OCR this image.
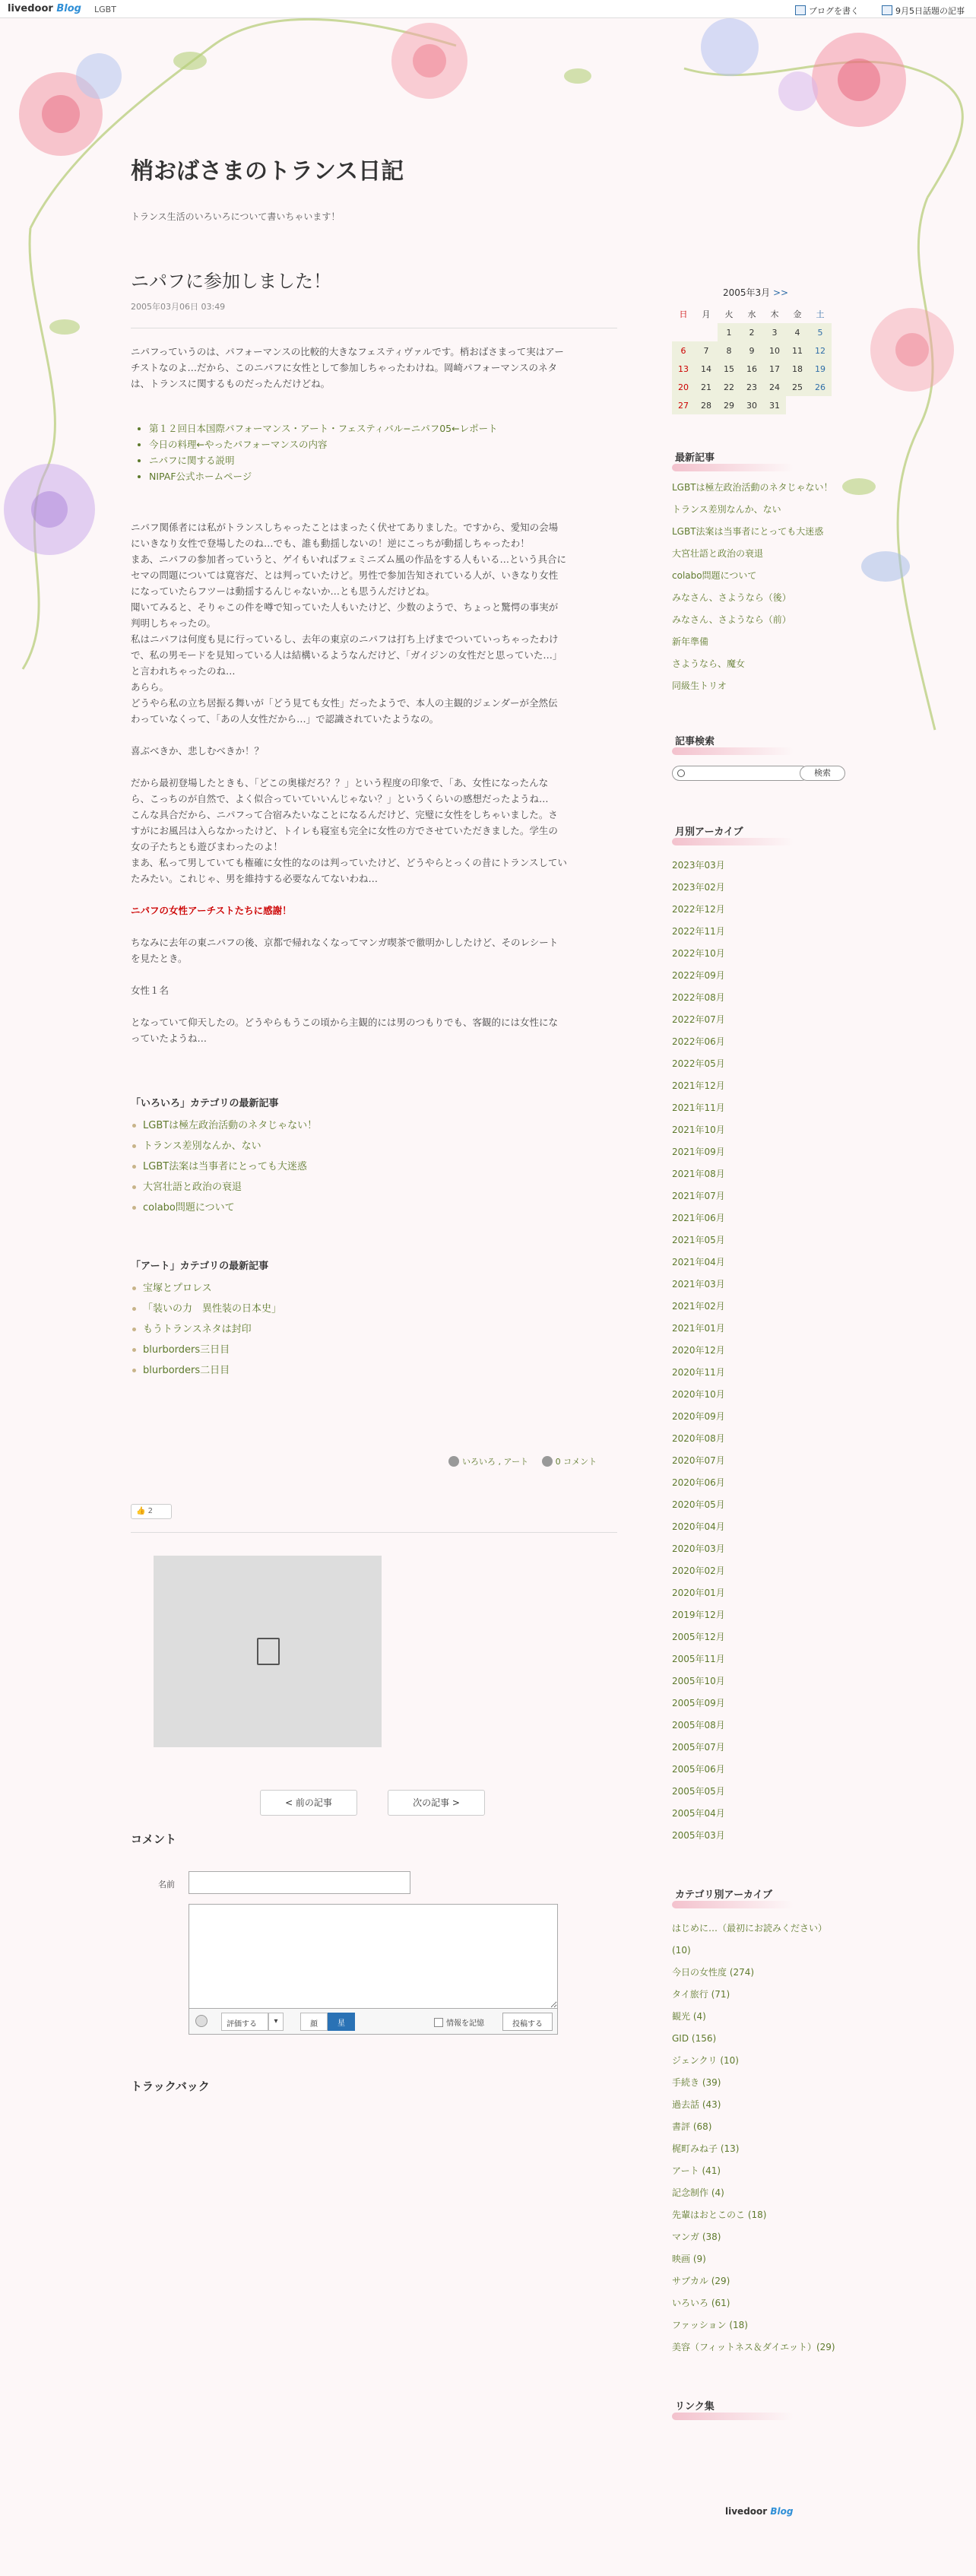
livedoor Blog LGBT	ブログを書く	9月5日話題の記事
梢おばさまのトランス日記

トランス生活のいろいろについて書いちゃいます！

ニパフに参加しました！
2005年03月06日 03:49

ニパフっていうのは、パフォーマンスの比較的大きなフェスティヴァルです。梢おばさまって実はアー

チストなのよ…だから、このニパフに女性として参加しちゃったわけね。岡崎パフォーマンスのネタ

は、トランスに関するものだったんだけどね。

• 第１２回日本国際パフォーマンス・アート・フェスティバル−ニパフ05←レポート
• 今日の料理←やったパフォーマンスの内容
• ニパフに関する説明
• NIPAF公式ホームページ

ニパフ関係者には私がトランスしちゃったことはまったく伏せてありました。ですから、愛知の会場

にいきなり女性で登場したのね…でも、誰も動揺しないの！逆にこっちが動揺しちゃったわ！

まあ、ニパフの参加者っていうと、ゲイもいればフェミニズム風の作品をする人もいる…という具合に

セマの問題については寛容だ、とは判っていたけど。男性で参加告知されている人が、いきなり女性

になっていたらフツーは動揺するんじゃないか…とも思うんだけどね。

聞いてみると、そりゃこの件を噂で知っていた人もいたけど、少数のようで、ちょっと驚愕の事実が

判明しちゃったの。

私はニパフは何度も見に行っているし、去年の東京のニパフは打ち上げまでついていっちゃったわけ

で、私の男モードを見知っている人は結構いるようなんだけど、「ガイジンの女性だと思っていた…」

と言われちゃったのね…

あらら。

どうやら私の立ち居振る舞いが「どう見ても女性」だったようで、本人の主観的ジェンダーが全然伝

わっていなくって、「あの人女性だから…」で認識されていたようなの。

喜ぶべきか、悲しむべきか！？

だから最初登場したときも、「どこの奥様だろ？？」という程度の印象で、「あ、女性になったんな

ら、こっちのが自然で、よく似合っていていいんじゃない？」というくらいの感想だったようね…

こんな具合だから、ニパフって合宿みたいなことになるんだけど、完璧に女性をしちゃいました。さ

すがにお風呂は入らなかったけど、トイレも寝室も完全に女性の方でさせていただきました。学生の

女の子たちとも遊びまわったのよ！

まあ、私って男していても権確に女性的なのは判っていたけど、どうやらとっくの昔にトランスしてい

たみたい。これじゃ、男を維持する必要なんてないわね…

ニパフの女性アーチストたちに感謝！

ちなみに去年の東ニパフの後、京都で帰れなくなってマンガ喫茶で徹明かししたけど、そのレシート

を見たとき。

女性１名

となっていて仰天したの。どうやらもうこの頃から主観的には男のつもりでも、客観的には女性にな

っていたようね…

「いろいろ」カテゴリの最新記事
LGBTは極左政治活動のネタじゃない！
トランス差別なんか、ない
LGBT法案は当事者にとっても大迷惑
大宮壮語と政治の衰退
colabo問題について
「アート」カテゴリの最新記事
宝塚とプロレス
「装いの力　異性装の日本史」
もうトランスネタは封印
blurborders三日目
blurborders二日目
いろいろ , アート	0 コメント
👍 2
< 前の記事	次の記事 >
コメント
名前
評価する	▾	顔	星	情報を記憶	投稿する
トラックバック
2005年3月 >>
日	月	火	水	木	金	土
		1	2	3	4	5
6	7	8	9	10	11	12
13	14	15	16	17	18	19
20	21	22	23	24	25	26
27	28	29	30	31		
最新記事
LGBTは極左政治活動のネタじゃない！
トランス差別なんか、ない
LGBT法案は当事者にとっても大迷惑
大宮壮語と政治の衰退
colabo問題について
みなさん、さようなら（後）
みなさん、さようなら（前）
新年準備
さようなら、魔女
同級生トリオ
記事検索
検索
月別アーカイブ
2023年03月
2023年02月
2022年12月
2022年11月
2022年10月
2022年09月
2022年08月
2022年07月
2022年06月
2022年05月
2021年12月
2021年11月
2021年10月
2021年09月
2021年08月
2021年07月
2021年06月
2021年05月
2021年04月
2021年03月
2021年02月
2021年01月
2020年12月
2020年11月
2020年10月
2020年09月
2020年08月
2020年07月
2020年06月
2020年05月
2020年04月
2020年03月
2020年02月
2020年01月
2019年12月
2005年12月
2005年11月
2005年10月
2005年09月
2005年08月
2005年07月
2005年06月
2005年05月
2005年04月
2005年03月
カテゴリ別アーカイブ
はじめに…（最初にお読みください）(10)
今日の女性度 (274)
タイ旅行 (71)
観光 (4)
GID (156)
ジェンクリ (10)
手続き (39)
過去話 (43)
書評 (68)
梶町みね子 (13)
アート (41)
記念制作 (4)
先輩はおとこのこ (18)
マンガ (38)
映画 (9)
サブカル (29)
いろいろ (61)
ファッション (18)
美容（フィットネス＆ダイエット）(29)
リンク集
livedoor Blog
